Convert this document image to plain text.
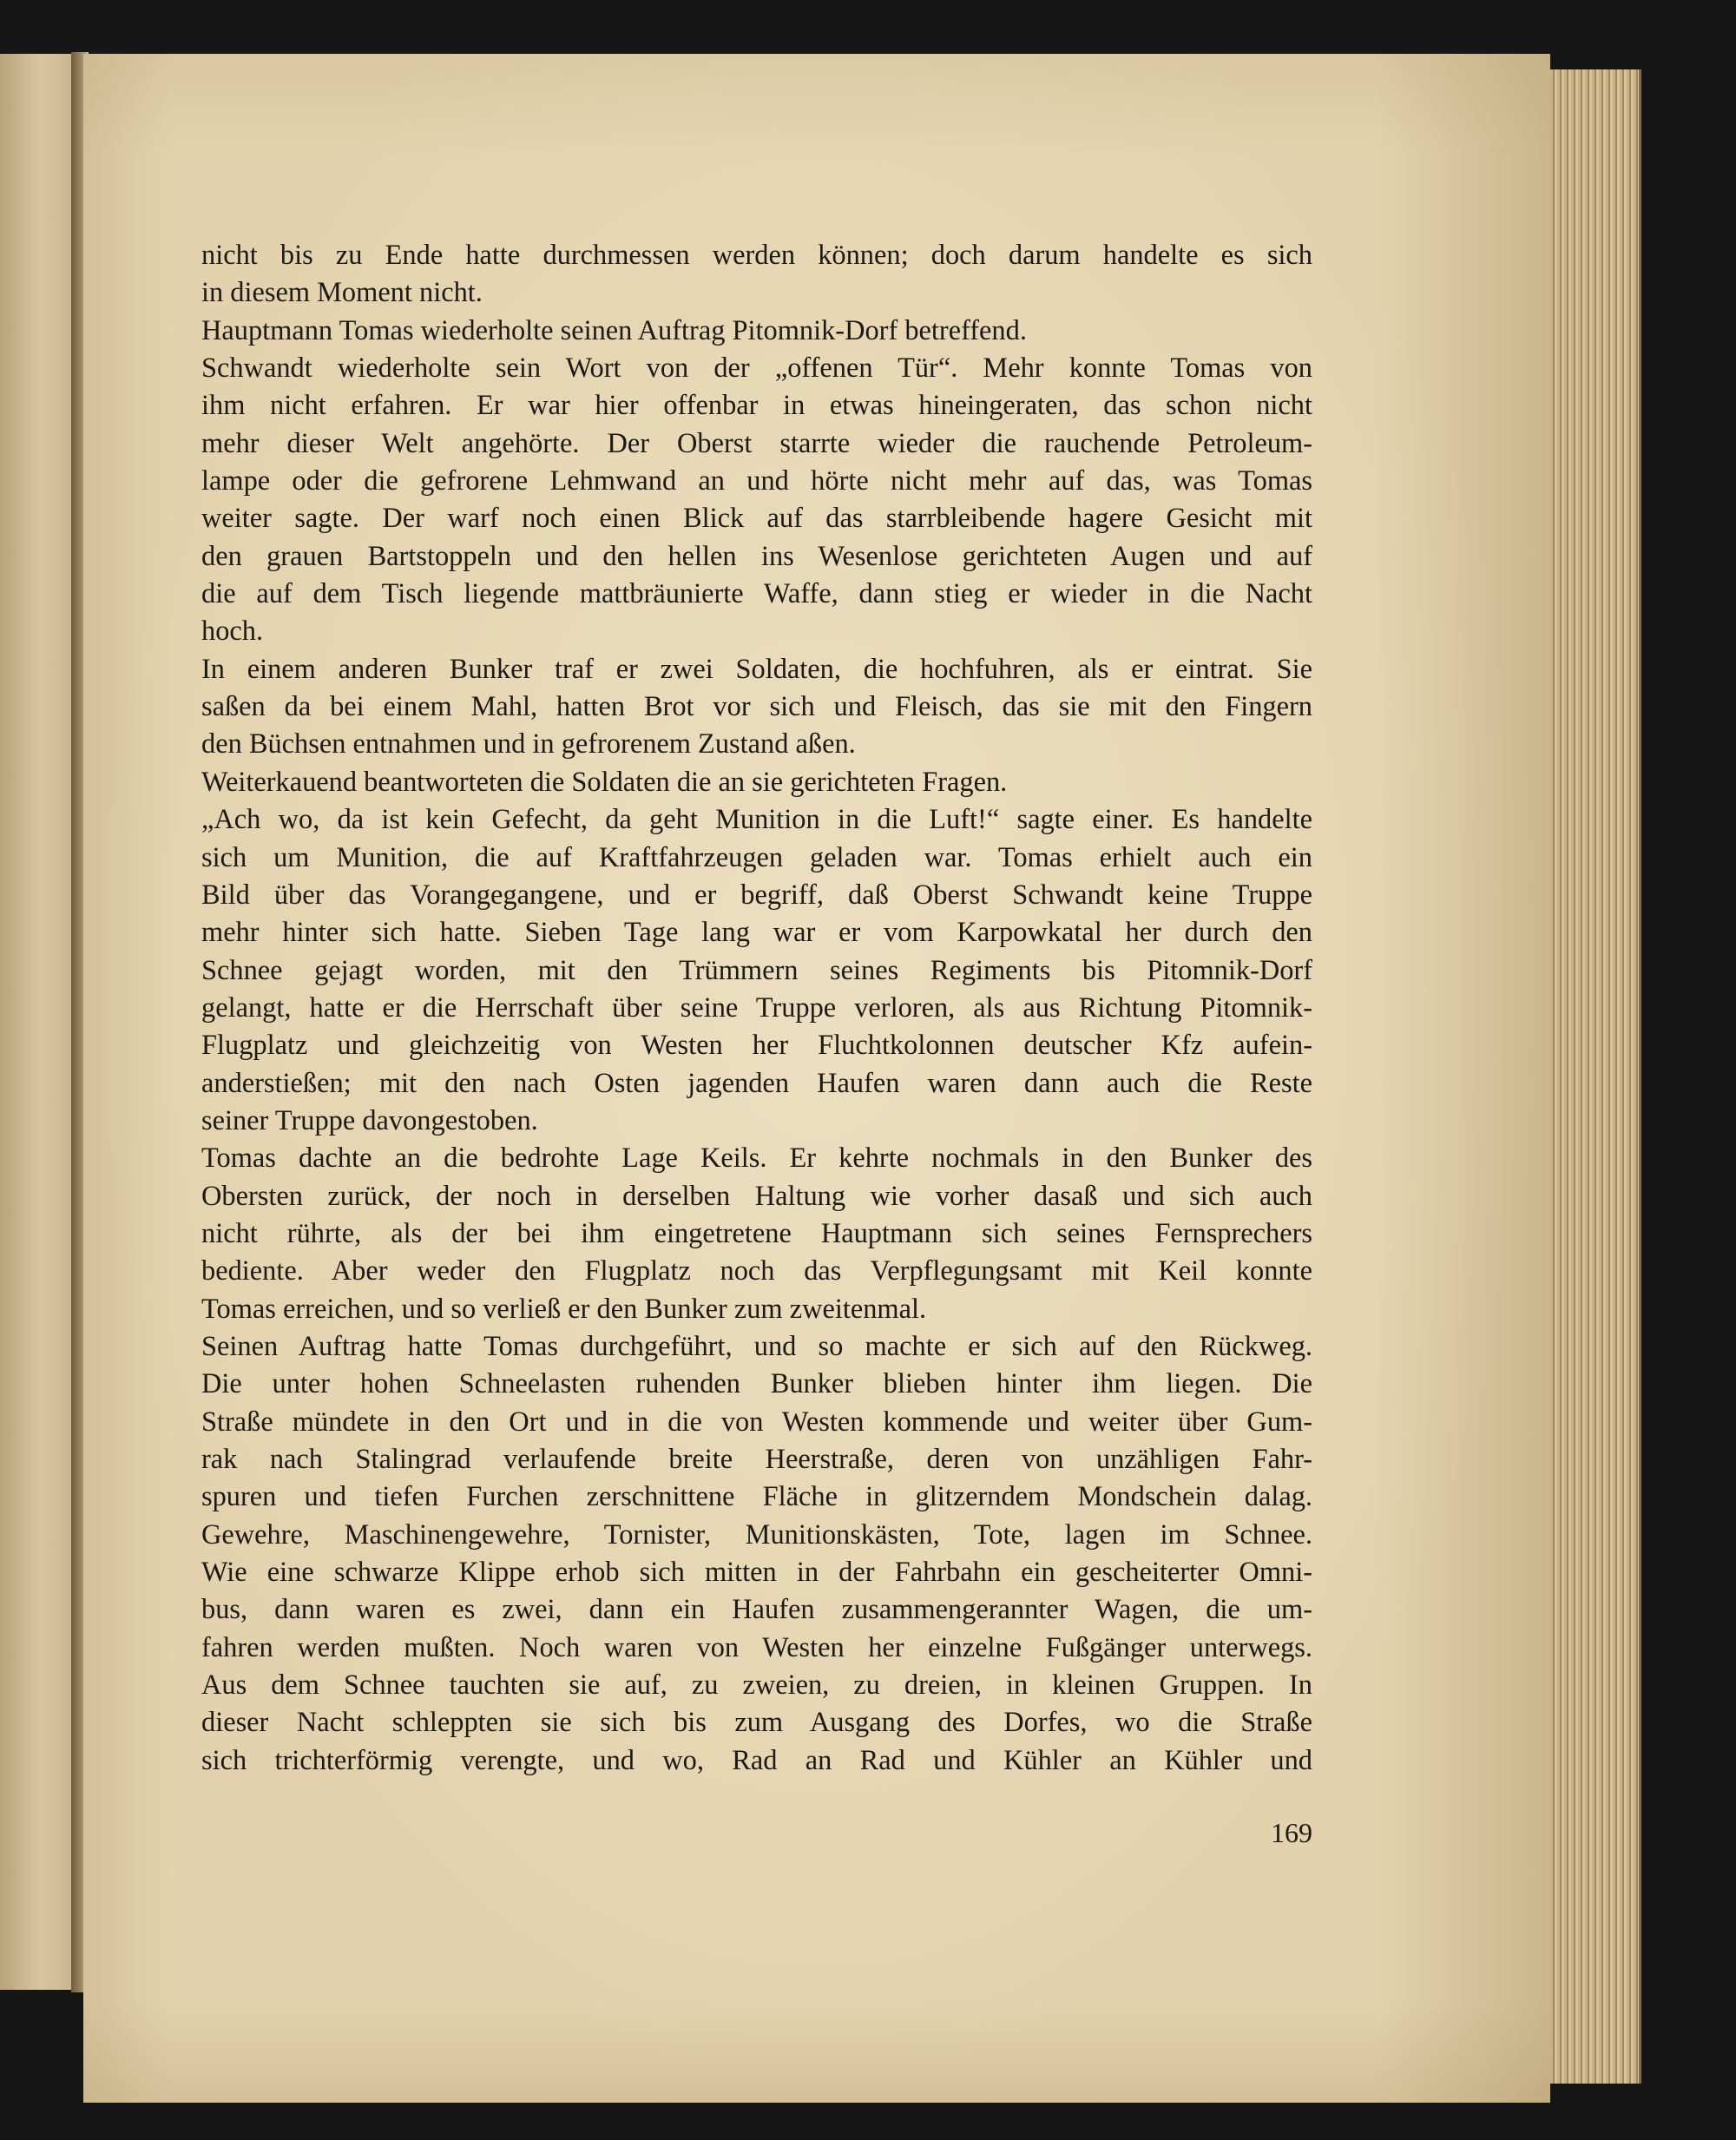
nicht bis zu Ende hatte durchmessen werden können; doch darum handelte es sich
in diesem Moment nicht.
Hauptmann Tomas wiederholte seinen Auftrag Pitomnik-Dorf betreffend.
Schwandt wiederholte sein Wort von der „offenen Tür“. Mehr konnte Tomas von
ihm nicht erfahren. Er war hier offenbar in etwas hineingeraten, das schon nicht
mehr dieser Welt angehörte. Der Oberst starrte wieder die rauchende Petroleum-
lampe oder die gefrorene Lehmwand an und hörte nicht mehr auf das, was Tomas
weiter sagte. Der warf noch einen Blick auf das starrbleibende hagere Gesicht mit
den grauen Bartstoppeln und den hellen ins Wesenlose gerichteten Augen und auf
die auf dem Tisch liegende mattbräunierte Waffe, dann stieg er wieder in die Nacht
hoch.
In einem anderen Bunker traf er zwei Soldaten, die hochfuhren, als er eintrat. Sie
saßen da bei einem Mahl, hatten Brot vor sich und Fleisch, das sie mit den Fingern
den Büchsen entnahmen und in gefrorenem Zustand aßen.
Weiterkauend beantworteten die Soldaten die an sie gerichteten Fragen.
„Ach wo, da ist kein Gefecht, da geht Munition in die Luft!“ sagte einer. Es handelte
sich um Munition, die auf Kraftfahrzeugen geladen war. Tomas erhielt auch ein
Bild über das Vorangegangene, und er begriff, daß Oberst Schwandt keine Truppe
mehr hinter sich hatte. Sieben Tage lang war er vom Karpowkatal her durch den
Schnee gejagt worden, mit den Trümmern seines Regiments bis Pitomnik-Dorf
gelangt, hatte er die Herrschaft über seine Truppe verloren, als aus Richtung Pitomnik-
Flugplatz und gleichzeitig von Westen her Fluchtkolonnen deutscher Kfz aufein-
anderstießen; mit den nach Osten jagenden Haufen waren dann auch die Reste
seiner Truppe davongestoben.
Tomas dachte an die bedrohte Lage Keils. Er kehrte nochmals in den Bunker des
Obersten zurück, der noch in derselben Haltung wie vorher dasaß und sich auch
nicht rührte, als der bei ihm eingetretene Hauptmann sich seines Fernsprechers
bediente. Aber weder den Flugplatz noch das Verpflegungsamt mit Keil konnte
Tomas erreichen, und so verließ er den Bunker zum zweitenmal.
Seinen Auftrag hatte Tomas durchgeführt, und so machte er sich auf den Rückweg.
Die unter hohen Schneelasten ruhenden Bunker blieben hinter ihm liegen. Die
Straße mündete in den Ort und in die von Westen kommende und weiter über Gum-
rak nach Stalingrad verlaufende breite Heerstraße, deren von unzähligen Fahr-
spuren und tiefen Furchen zerschnittene Fläche in glitzerndem Mondschein dalag.
Gewehre, Maschinengewehre, Tornister, Munitionskästen, Tote, lagen im Schnee.
Wie eine schwarze Klippe erhob sich mitten in der Fahrbahn ein gescheiterter Omni-
bus, dann waren es zwei, dann ein Haufen zusammengerannter Wagen, die um-
fahren werden mußten. Noch waren von Westen her einzelne Fußgänger unterwegs.
Aus dem Schnee tauchten sie auf, zu zweien, zu dreien, in kleinen Gruppen. In
dieser Nacht schleppten sie sich bis zum Ausgang des Dorfes, wo die Straße
sich trichterförmig verengte, und wo, Rad an Rad und Kühler an Kühler und
169
